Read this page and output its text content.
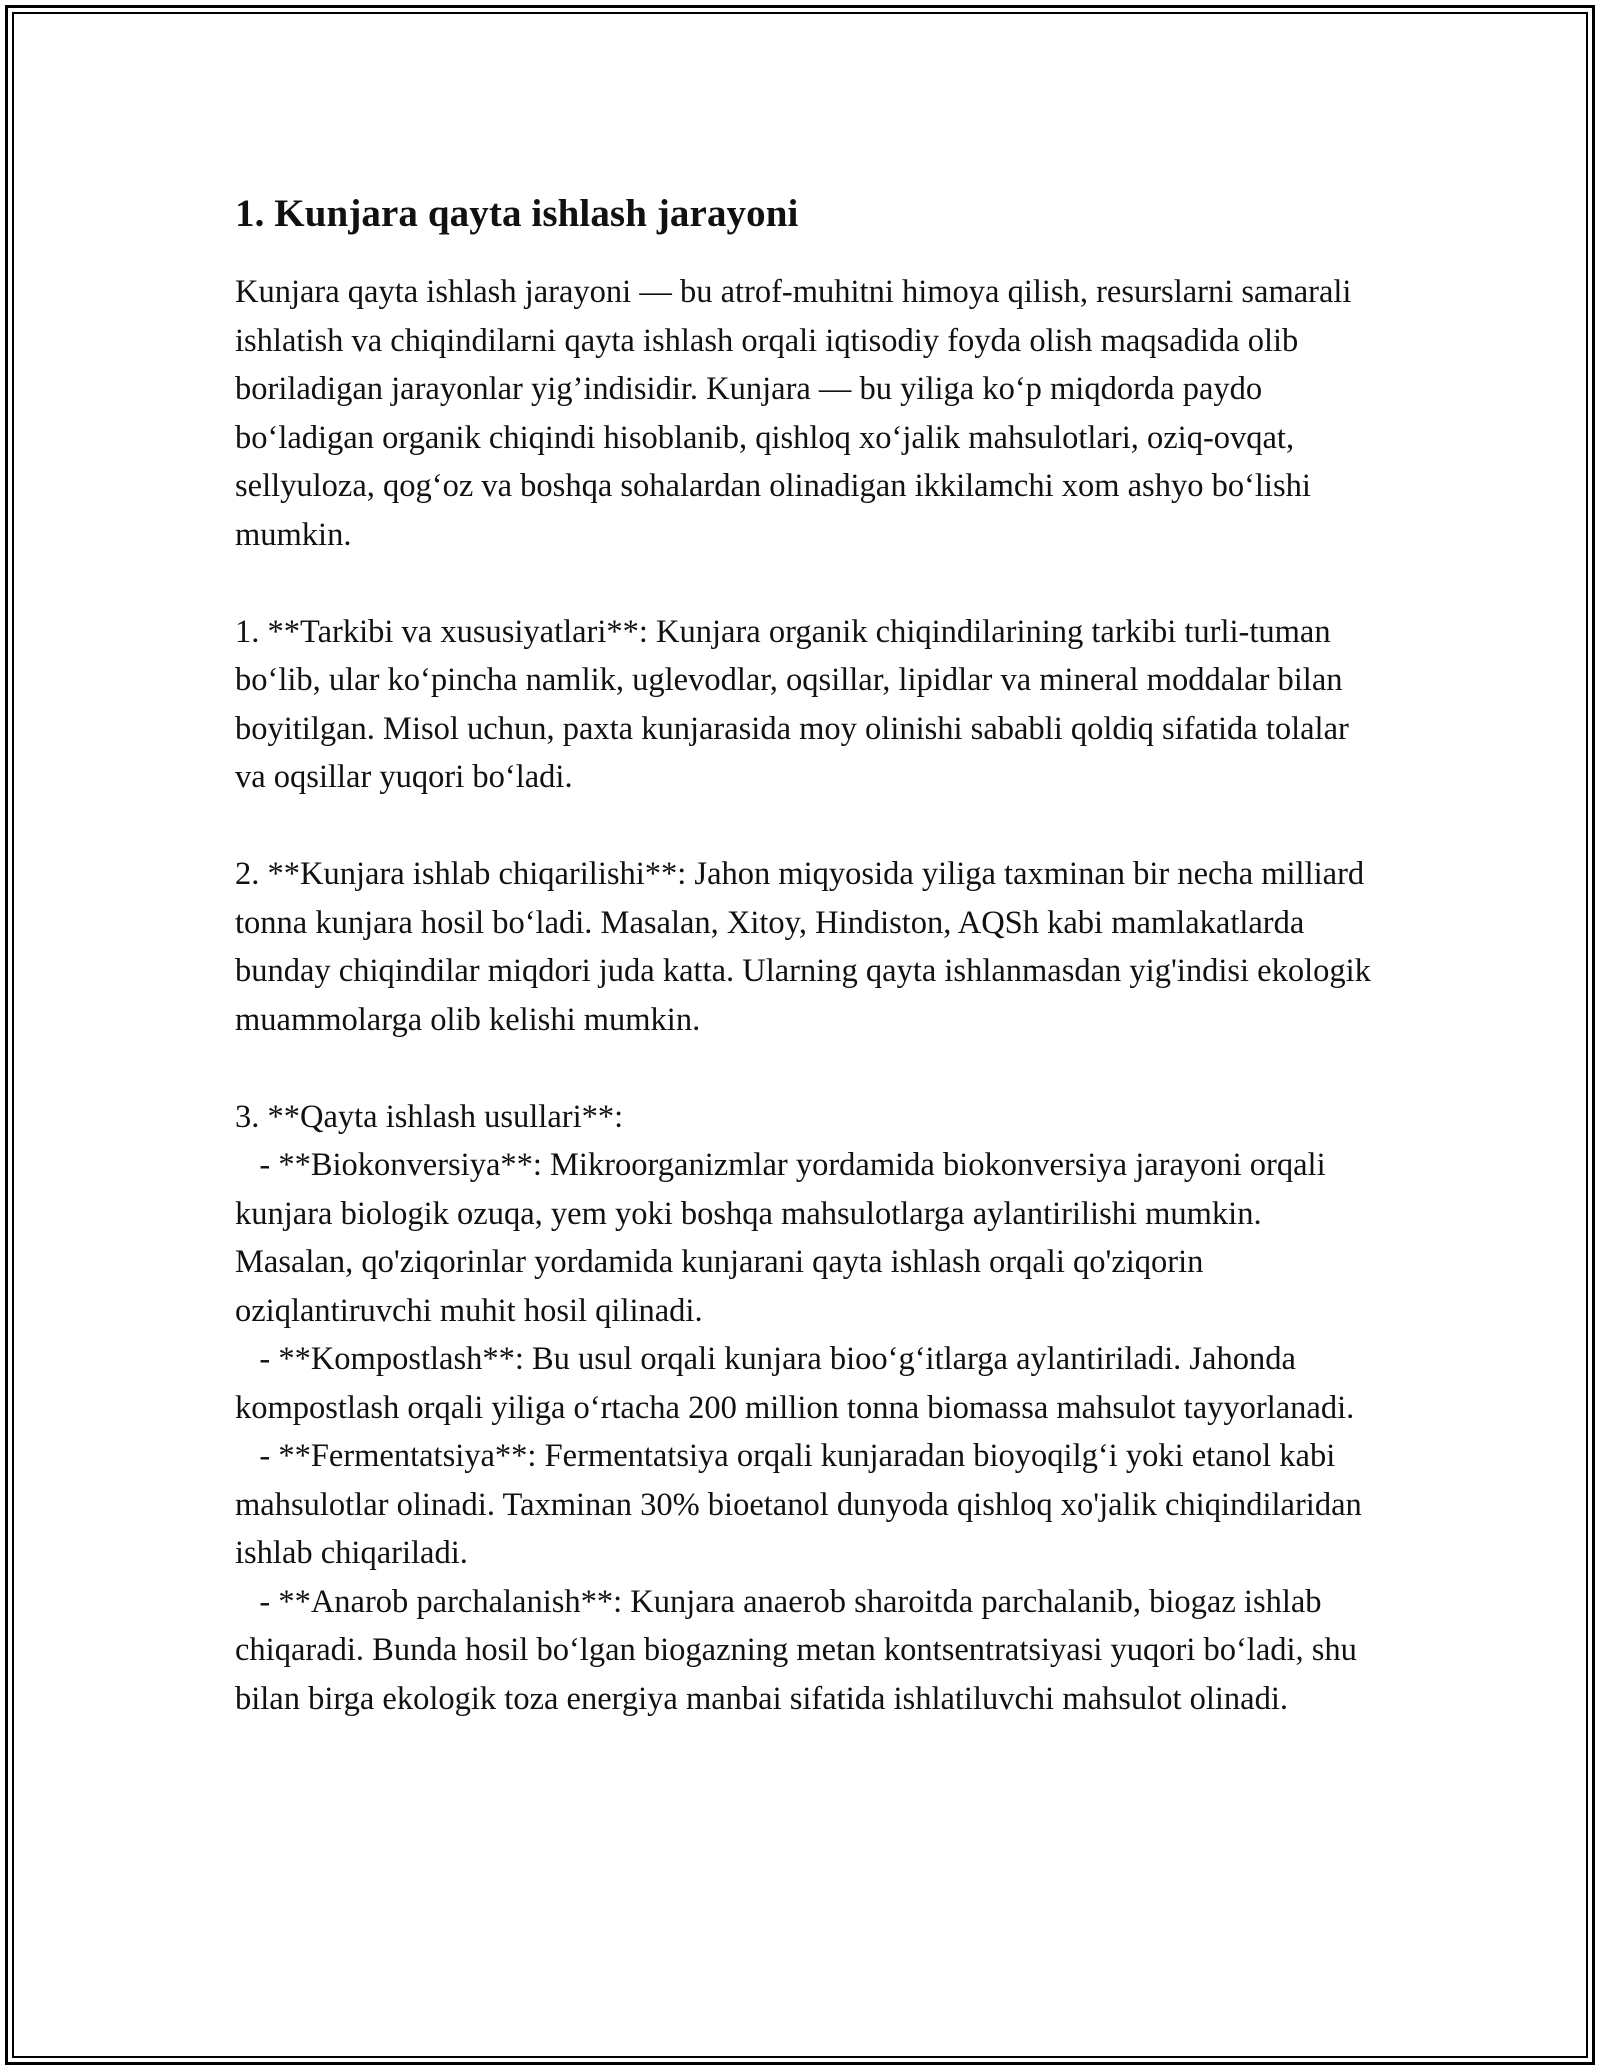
1. Kunjara qayta ishlash jarayoni

Kunjara qayta ishlash jarayoni — bu atrof-muhitni himoya qilish, resurslarni samarali ishlatish va chiqindilarni qayta ishlash orqali iqtisodiy foyda olish maqsadida olib boriladigan jarayonlar yig’indisidir. Kunjara — bu yiliga ko‘p miqdorda paydo bo‘ladigan organik chiqindi hisoblanib, qishloq xo‘jalik mahsulotlari, oziq-ovqat, sellyuloza, qog‘oz va boshqa sohalardan olinadigan ikkilamchi xom ashyo bo‘lishi mumkin.

1. **Tarkibi va xususiyatlari**: Kunjara organik chiqindilarining tarkibi turli-tuman bo‘lib, ular ko‘pincha namlik, uglevodlar, oqsillar, lipidlar va mineral moddalar bilan boyitilgan. Misol uchun, paxta kunjarasida moy olinishi sababli qoldiq sifatida tolalar va oqsillar yuqori bo‘ladi.

2. **Kunjara ishlab chiqarilishi**: Jahon miqyosida yiliga taxminan bir necha milliard tonna kunjara hosil bo‘ladi. Masalan, Xitoy, Hindiston, AQSh kabi mamlakatlarda bunday chiqindilar miqdori juda katta. Ularning qayta ishlanmasdan yig'indisi ekologik muammolarga olib kelishi mumkin.

3. **Qayta ishlash usullari**:

- **Biokonversiya**: Mikroorganizmlar yordamida biokonversiya jarayoni orqali kunjara biologik ozuqa, yem yoki boshqa mahsulotlarga aylantirilishi mumkin. Masalan, qo'ziqorinlar yordamida kunjarani qayta ishlash orqali qo'ziqorin oziqlantiruvchi muhit hosil qilinadi.

- **Kompostlash**: Bu usul orqali kunjara bioo‘g‘itlarga aylantiriladi. Jahonda kompostlash orqali yiliga o‘rtacha 200 million tonna biomassa mahsulot tayyorlanadi.

- **Fermentatsiya**: Fermentatsiya orqali kunjaradan bioyoqilg‘i yoki etanol kabi mahsulotlar olinadi. Taxminan 30% bioetanol dunyoda qishloq xo'jalik chiqindilaridan ishlab chiqariladi.

- **Anarob parchalanish**: Kunjara anaerob sharoitda parchalanib, biogaz ishlab chiqaradi. Bunda hosil bo‘lgan biogazning metan kontsentratsiyasi yuqori bo‘ladi, shu bilan birga ekologik toza energiya manbai sifatida ishlatiluvchi mahsulot olinadi.
